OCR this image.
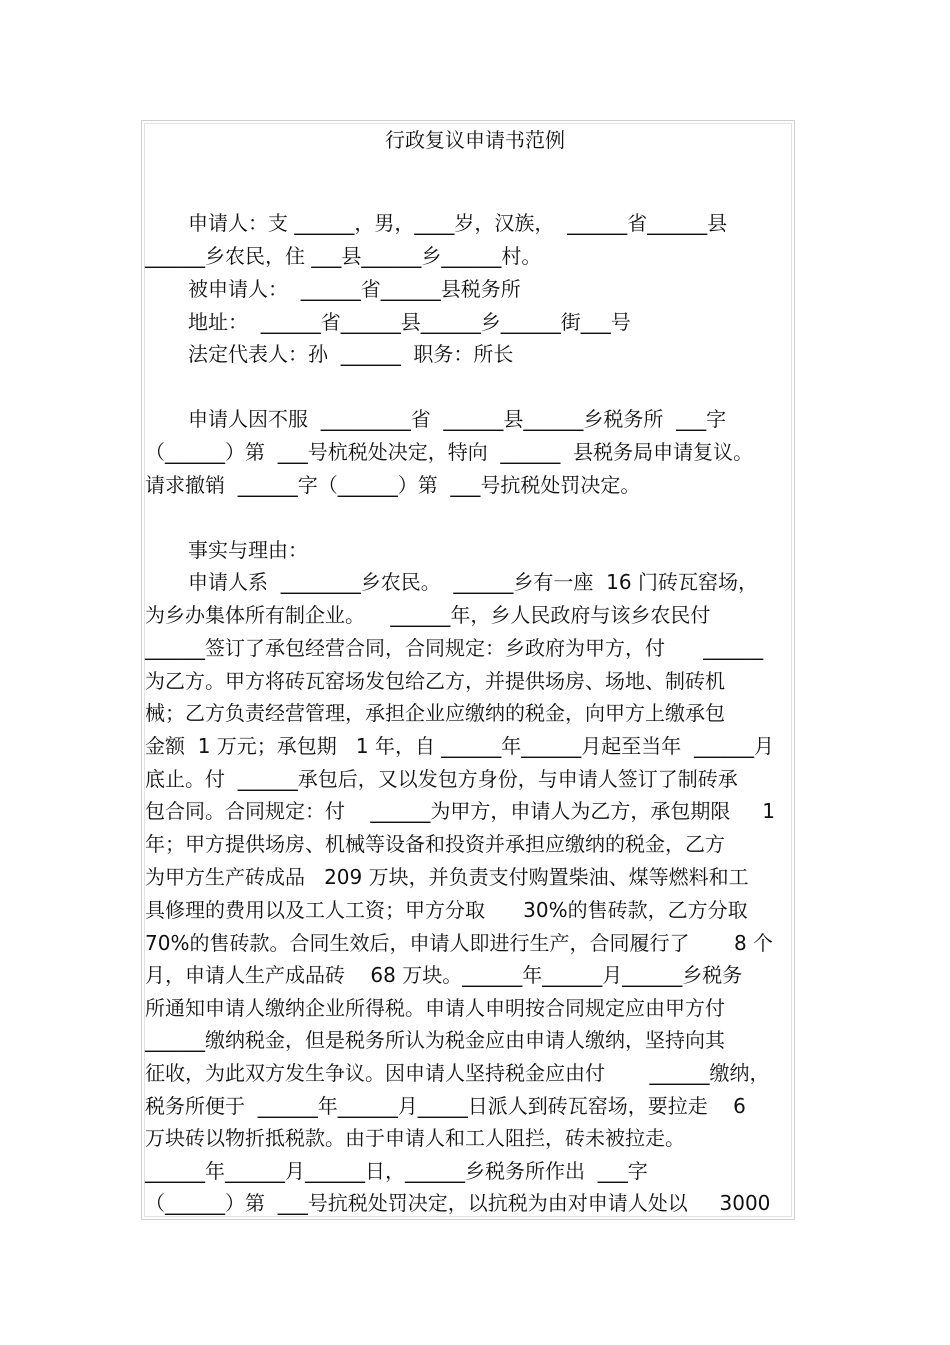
行政复议申请书范例
申请人：支 ______，男，____岁，汉族，  ______省______县
______乡农民，住 ___县______乡______村。
被申请人：  ______省______县税务所
地址：  ______省______县______乡______街___号
法定代表人：孙  ______  职务：所长
申请人因不服  _________省  ______县______乡税务所  ___字
（______）第  ___号杭税处决定，特向  ______  县税务局申请复议。
请求撤销  ______字（______）第  ___号抗税处罚决定。
事实与理由：
申请人系  ________乡农民。  ______乡有一座  16 门砖瓦窑场，
为乡办集体所有制企业。    ______年，乡人民政府与该乡农民付
______签订了承包经营合同，合同规定：乡政府为甲方，付      ______
为乙方。甲方将砖瓦窑场发包给乙方，并提供场房、场地、制砖机
械；乙方负责经营管理，承担企业应缴纳的税金，向甲方上缴承包
金额  1 万元；承包期   1 年，自 ______年______月起至当年  ______月
底止。付  ______承包后，又以发包方身份，与申请人签订了制砖承
包合同。合同规定：付    ______为甲方，申请人为乙方，承包期限     1
年；甲方提供场房、机械等设备和投资并承担应缴纳的税金，乙方
为甲方生产砖成品   209 万块，并负责支付购置柴油、煤等燃料和工
具修理的费用以及工人工资；甲方分取      30%的售砖款，乙方分取
70%的售砖款。合同生效后，申请人即进行生产，合同履行了       8 个
月，申请人生产成品砖    68 万块。______年______月______乡税务
所通知申请人缴纳企业所得税。申请人申明按合同规定应由甲方付
______缴纳税金，但是税务所认为税金应由申请人缴纳，坚持向其
征收，为此双方发生争议。因申请人坚持税金应由付       ______缴纳，
税务所便于  ______年______月_____日派人到砖瓦窑场，要拉走    6
万块砖以物折抵税款。由于申请人和工人阻拦，砖未被拉走。
______年______月______日，______乡税务所作出  ___字
（______）第  ___号抗税处罚决定，以抗税为由对申请人处以     3000
